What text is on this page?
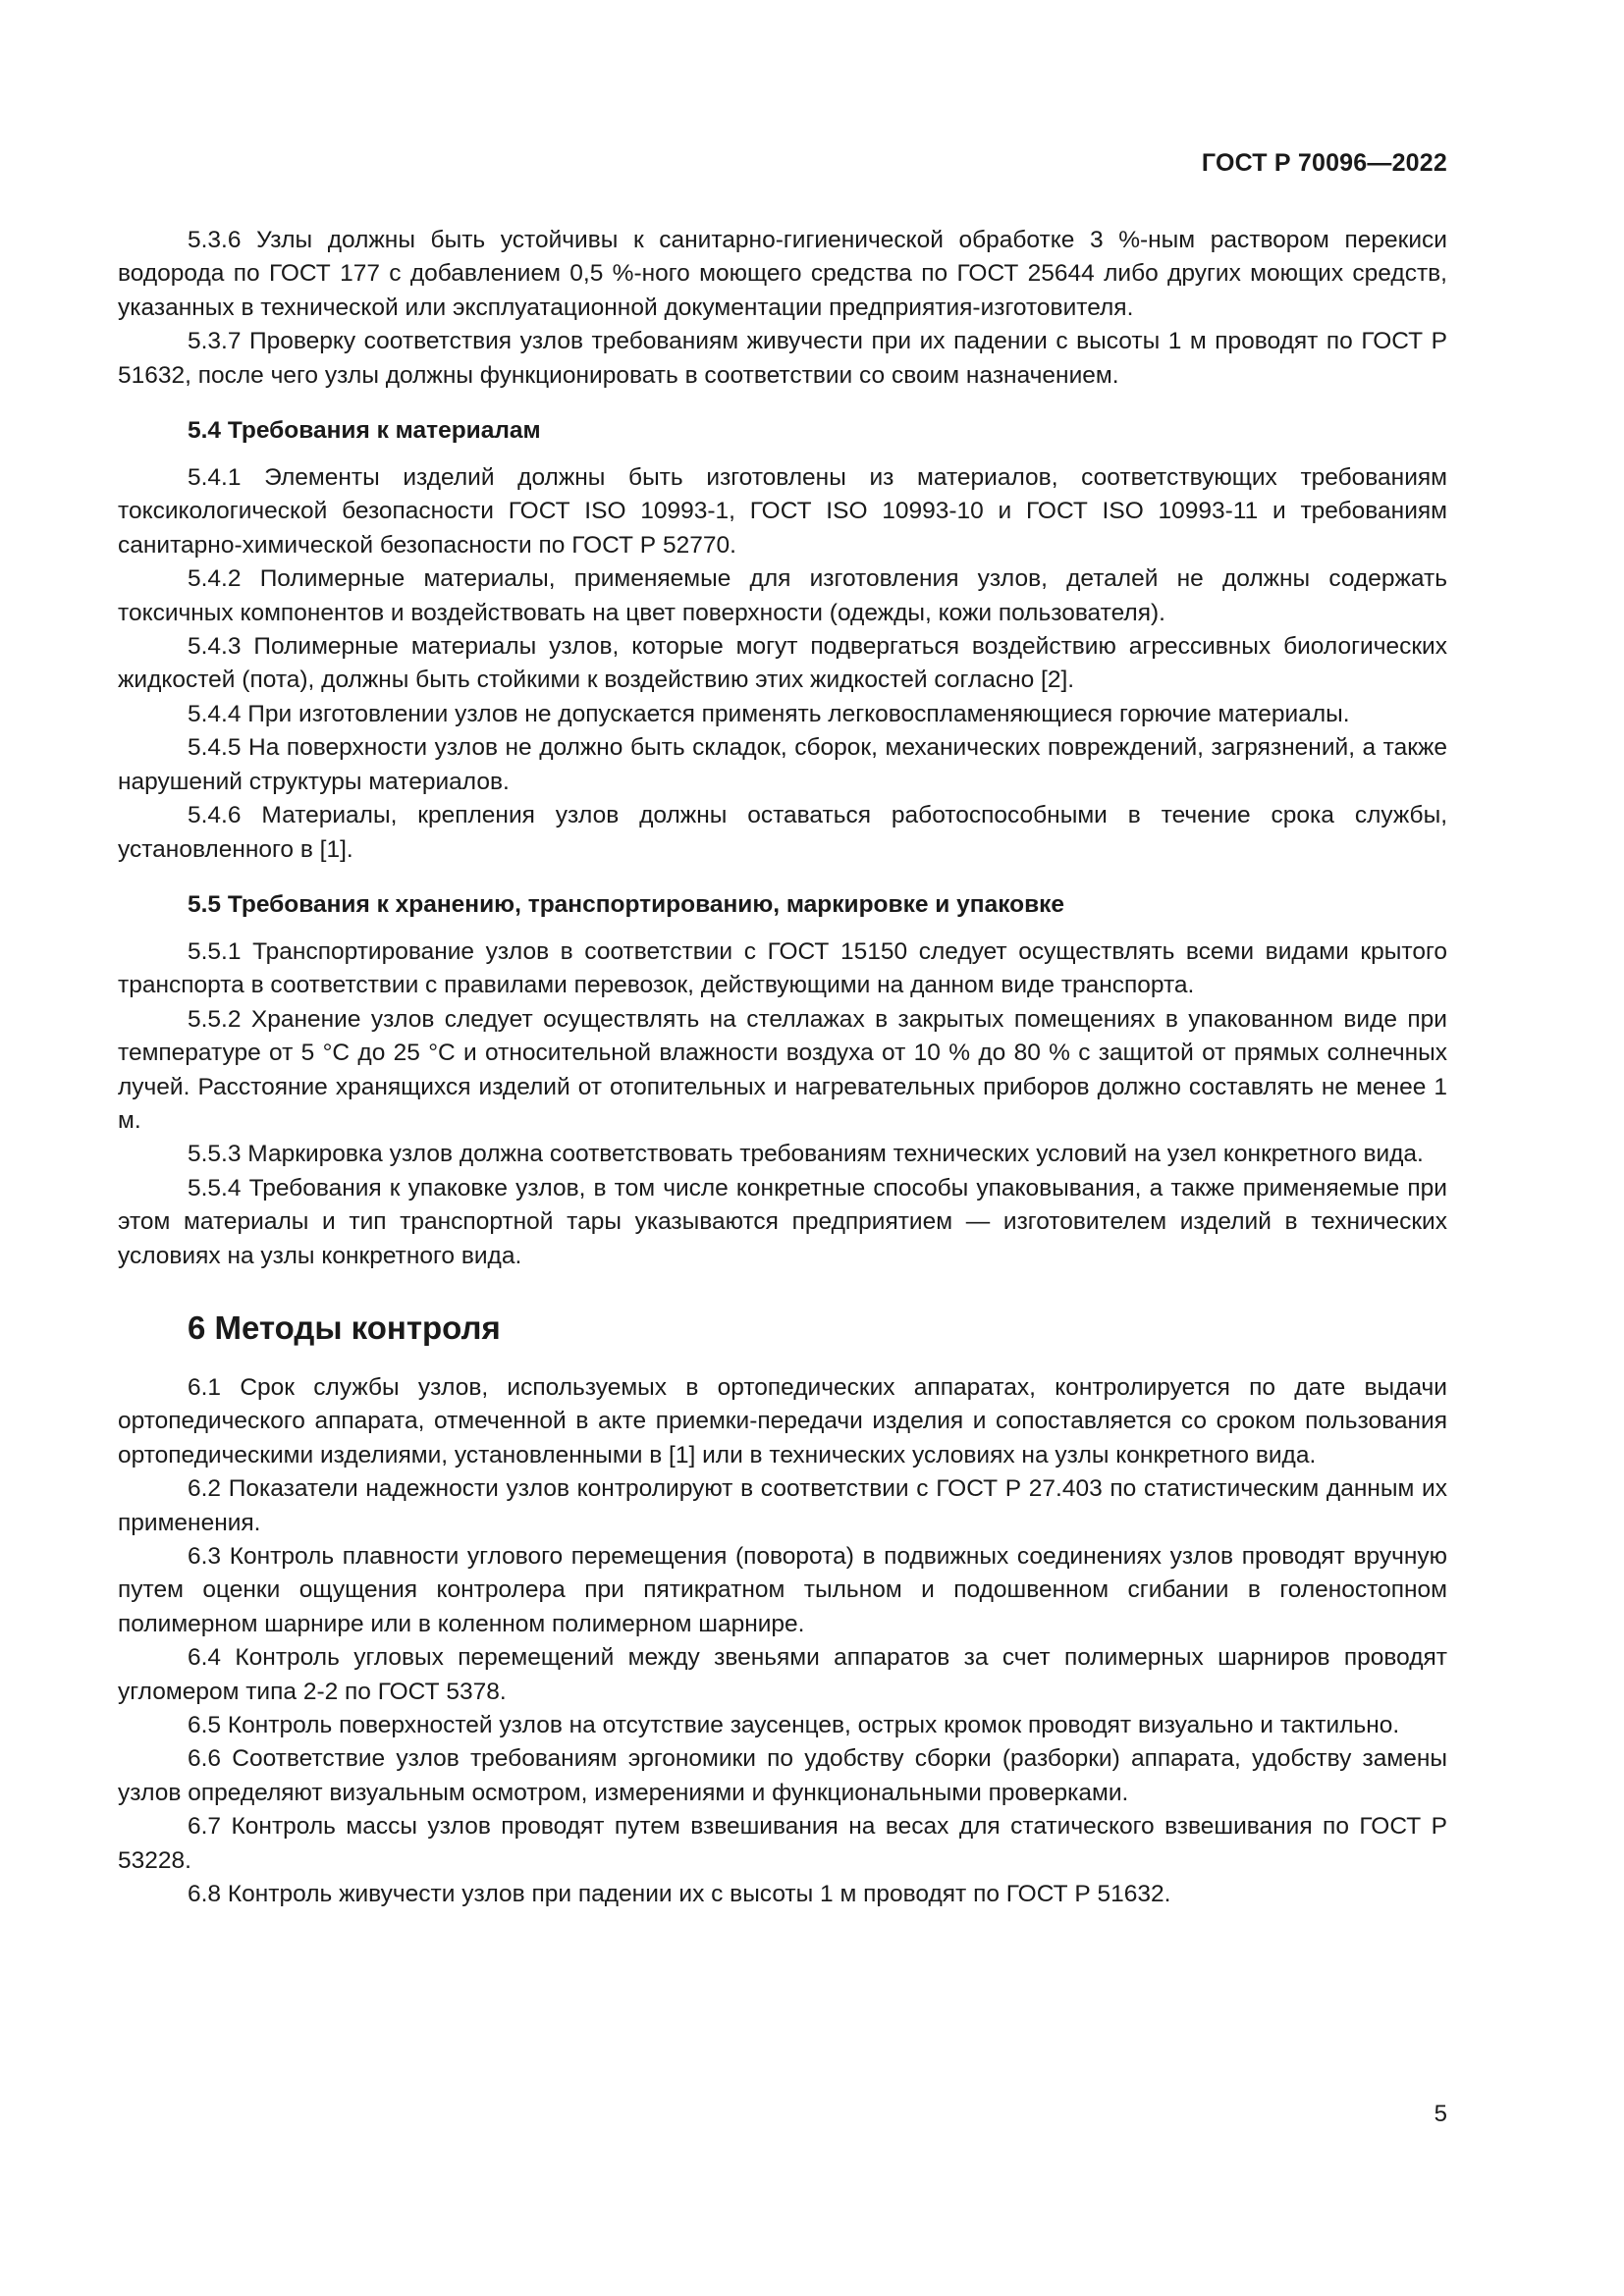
ГОСТ Р 70096—2022

5.3.6 Узлы должны быть устойчивы к санитарно-гигиенической обработке 3 %-ным раствором перекиси водорода по ГОСТ 177 с добавлением 0,5 %-ного моющего средства по ГОСТ 25644 либо других моющих средств, указанных в технической или эксплуатационной документации предприятия-изготовителя.

5.3.7 Проверку соответствия узлов требованиям живучести при их падении с высоты 1 м проводят по ГОСТ Р 51632, после чего узлы должны функционировать в соответствии со своим назначением.

5.4 Требования к материалам

5.4.1 Элементы изделий должны быть изготовлены из материалов, соответствующих требованиям токсикологической безопасности ГОСТ ISO 10993-1, ГОСТ ISO 10993-10 и ГОСТ ISO 10993-11 и требованиям санитарно-химической безопасности по ГОСТ Р 52770.

5.4.2 Полимерные материалы, применяемые для изготовления узлов, деталей не должны содержать токсичных компонентов и воздействовать на цвет поверхности (одежды, кожи пользователя).

5.4.3 Полимерные материалы узлов, которые могут подвергаться воздействию агрессивных биологических жидкостей (пота), должны быть стойкими к воздействию этих жидкостей согласно [2].

5.4.4 При изготовлении узлов не допускается применять легковоспламеняющиеся горючие материалы.

5.4.5 На поверхности узлов не должно быть складок, сборок, механических повреждений, загрязнений, а также нарушений структуры материалов.

5.4.6 Материалы, крепления узлов должны оставаться работоспособными в течение срока службы, установленного в [1].

5.5 Требования к хранению, транспортированию, маркировке и упаковке

5.5.1 Транспортирование узлов в соответствии с ГОСТ 15150 следует осуществлять всеми видами крытого транспорта в соответствии с правилами перевозок, действующими на данном виде транспорта.

5.5.2 Хранение узлов следует осуществлять на стеллажах в закрытых помещениях в упакованном виде при температуре от 5 °С до 25 °С и относительной влажности воздуха от 10 % до 80 % с защитой от прямых солнечных лучей. Расстояние хранящихся изделий от отопительных и нагревательных приборов должно составлять не менее 1 м.

5.5.3 Маркировка узлов должна соответствовать требованиям технических условий на узел конкретного вида.

5.5.4 Требования к упаковке узлов, в том числе конкретные способы упаковывания, а также применяемые при этом материалы и тип транспортной тары указываются предприятием — изготовителем изделий в технических условиях на узлы конкретного вида.

6 Методы контроля

6.1 Срок службы узлов, используемых в ортопедических аппаратах, контролируется по дате выдачи ортопедического аппарата, отмеченной в акте приемки-передачи изделия и сопоставляется со сроком пользования ортопедическими изделиями, установленными в [1] или в технических условиях на узлы конкретного вида.

6.2 Показатели надежности узлов контролируют в соответствии с ГОСТ Р 27.403 по статистическим данным их применения.

6.3 Контроль плавности углового перемещения (поворота) в подвижных соединениях узлов проводят вручную путем оценки ощущения контролера при пятикратном тыльном и подошвенном сгибании в голеностопном полимерном шарнире или в коленном полимерном шарнире.

6.4 Контроль угловых перемещений между звеньями аппаратов за счет полимерных шарниров проводят угломером типа 2-2 по ГОСТ 5378.

6.5 Контроль поверхностей узлов на отсутствие заусенцев, острых кромок проводят визуально и тактильно.

6.6 Соответствие узлов требованиям эргономики по удобству сборки (разборки) аппарата, удобству замены узлов определяют визуальным осмотром, измерениями и функциональными проверками.

6.7 Контроль массы узлов проводят путем взвешивания на весах для статического взвешивания по ГОСТ Р 53228.

6.8 Контроль живучести узлов при падении их с высоты 1 м проводят по ГОСТ Р 51632.

5
